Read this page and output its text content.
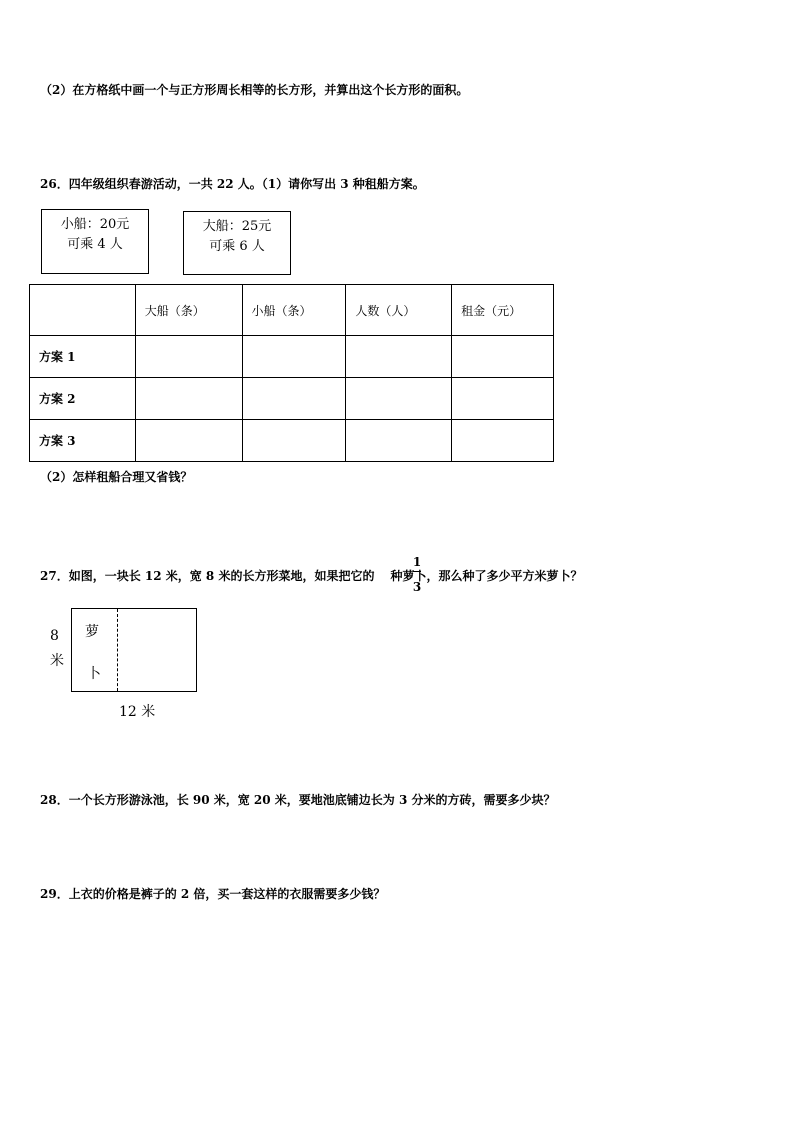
（2）在方格纸中画一个与正方形周长相等的长方形，并算出这个长方形的面积。
26．四年级组织春游活动，一共 22 人。（1）请你写出 3 种租船方案。
小船：20元
可乘 4 人
大船：25元
可乘 6 人
	大船（条）	小船（条）	人数（人）	租金（元）
方案 1				
方案 2				
方案 3				
（2）怎样租船合理又省钱？
27．如图，一块长 12 米，宽 8 米的长方形菜地，如果把它的 种萝卜，那么种了多少平方米萝卜？
1
3
萝
卜
8
米
12 米
28．一个长方形游泳池，长 90 米，宽 20 米，要地池底铺边长为 3 分米的方砖，需要多少块？
29．上衣的价格是裤子的 2 倍，买一套这样的衣服需要多少钱？
